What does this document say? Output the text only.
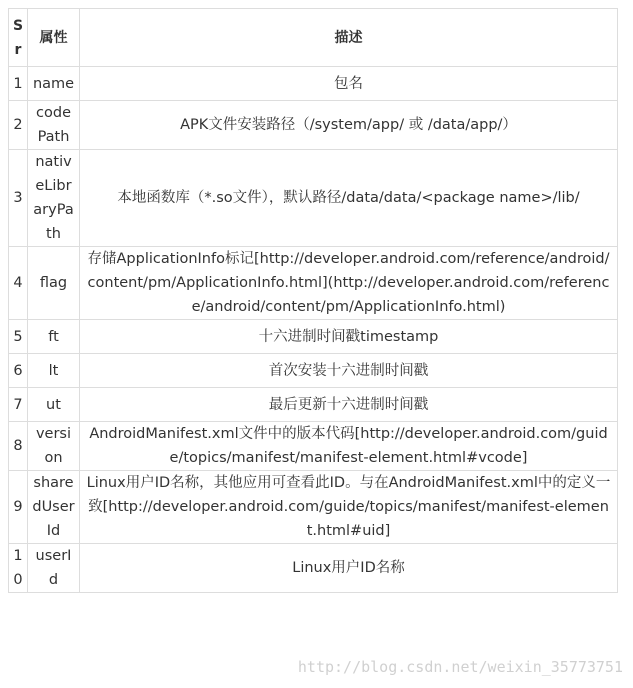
Sr	属性	描述
1	name	包名
2	codePath	APK文件安装路径（/system/app/ 或 /data/app/）
3	nativeLibraryPath	本地函数库（*.so文件），默认路径/data/data/<package name>/lib/
4	flag	存储ApplicationInfo标记[http://developer.android.com/reference/android/content/pm/ApplicationInfo.html](http://developer.android.com/reference/android/content/pm/ApplicationInfo.html)
5	ft	十六进制时间戳timestamp
6	lt	首次安装十六进制时间戳
7	ut	最后更新十六进制时间戳
8	version	AndroidManifest.xml文件中的版本代码[http://developer.android.com/guide/topics/manifest/manifest-element.html#vcode]
9	sharedUserId	Linux用户ID名称，其他应用可查看此ID。与在AndroidManifest.xml中的定义一致[http://developer.android.com/guide/topics/manifest/manifest-element.html#uid]
10	userId	Linux用户ID名称
http://blog.csdn.net/weixin_35773751
